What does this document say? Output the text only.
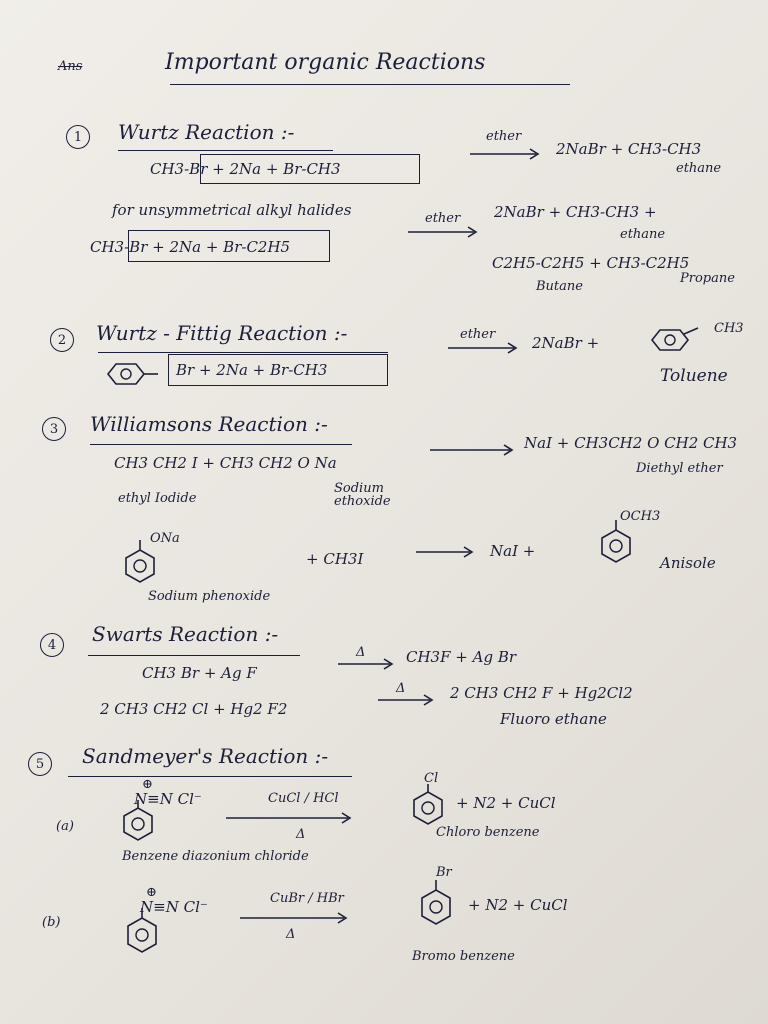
Ans	Important organic Reactions
1	Wurtz Reaction :-
CH3-Br + 2Na + Br-CH3
ether
2NaBr + CH3-CH3
ethane
for unsymmetrical alkyl halides
CH3-Br + 2Na + Br-C2H5
ether 2NaBr + CH3-CH3 +
ethane
C2H5-C2H5 + CH3-C2H5
Butane
Propane
2	Wurtz - Fittig Reaction :-
Br + 2Na + Br-CH3
ether 2NaBr +
CH3
Toluene
3	Williamsons Reaction :-
CH3 CH2 I + CH3 CH2 O Na
NaI + CH3CH2 O CH2 CH3
ethyl Iodide
Sodium ethoxide
Diethyl ether
ONa
+ CH3I	→ NaI +
OCH3
Anisole
Sodium phenoxide
4	Swarts Reaction :-
CH3 Br + Ag F
Δ → CH3F + Ag Br
2 CH3 CH2 Cl + Hg2 F2
Δ → 2 CH3 CH2 F + Hg2Cl2
Fluoro ethane
5	Sandmeyer's Reaction :-
(a)
⊕
N≡N Cl⁻	CuCl / HCl
Δ
Cl
+ N2 + CuCl
Chloro benzene
Benzene diazonium chloride
(b)
⊕
N≡N Cl⁻	CuBr / HBr
Δ
Br
+ N2 + CuCl
Bromo benzene
